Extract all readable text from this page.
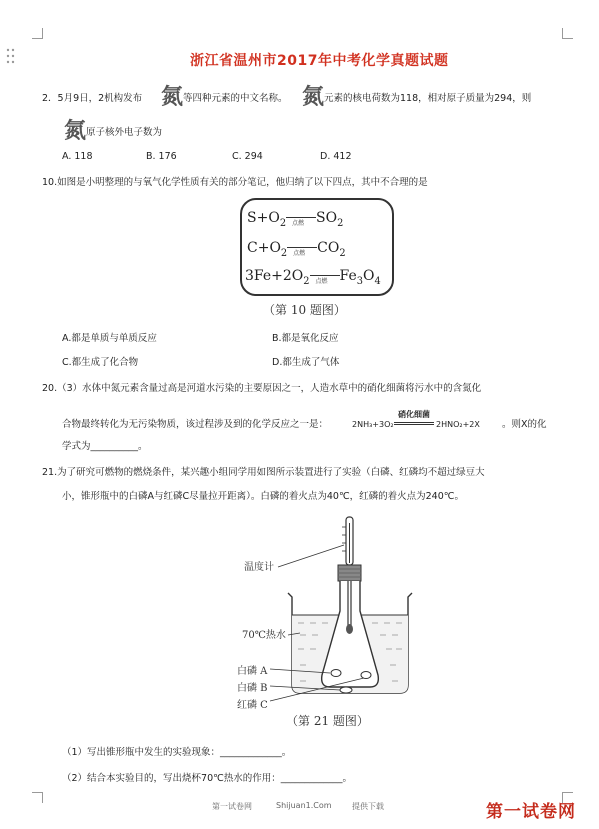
浙江省温州市2017年中考化学真题试题
2．5月9日，2机构发布 氮 等四种元素的中文名称。 氮 元素的核电荷数为118，相对原子质量为294，则
氮 原子核外电子数为
A. 118	B. 176	C. 294	D. 412
10.如图是小明整理的与氧气化学性质有关的部分笔记，他归纳了以下四点，其中不合理的是
$S+O_2$ 点燃 $SO_2$
$C+O_2$ 点燃 $CO_2$
$3Fe+2O_2$ 点燃 $Fe_3O_4$
（第 10 题图）
A.都是单质与单质反应	B.都是氧化反应
C.都生成了化合物	D.都生成了气体
20.（3）水体中氮元素含量过高是河道水污染的主要原因之一，人造水草中的硝化细菌将污水中的含氮化
合物最终转化为无污染物质，该过程涉及到的化学反应之一是：	2NH₃+3O₂
硝化细菌
2HNO₂+2X 。则X的化
学式为__________。
21.为了研究可燃物的燃烧条件，某兴趣小组同学用如图所示装置进行了实验（白磷、红磷均不超过绿豆大
小，锥形瓶中的白磷A与红磷C尽量拉开距离）。白磷的着火点为40℃，红磷的着火点为240℃。
温度计
70℃热水
白磷 A
白磷 B
红磷 C
（第 21 题图）
（1）写出锥形瓶中发生的实验现象：_____________。
（2）结合本实验目的，写出烧杯70℃热水的作用：_____________。
第一试卷网	Shijuan1.Com	提供下载	第一试卷网
